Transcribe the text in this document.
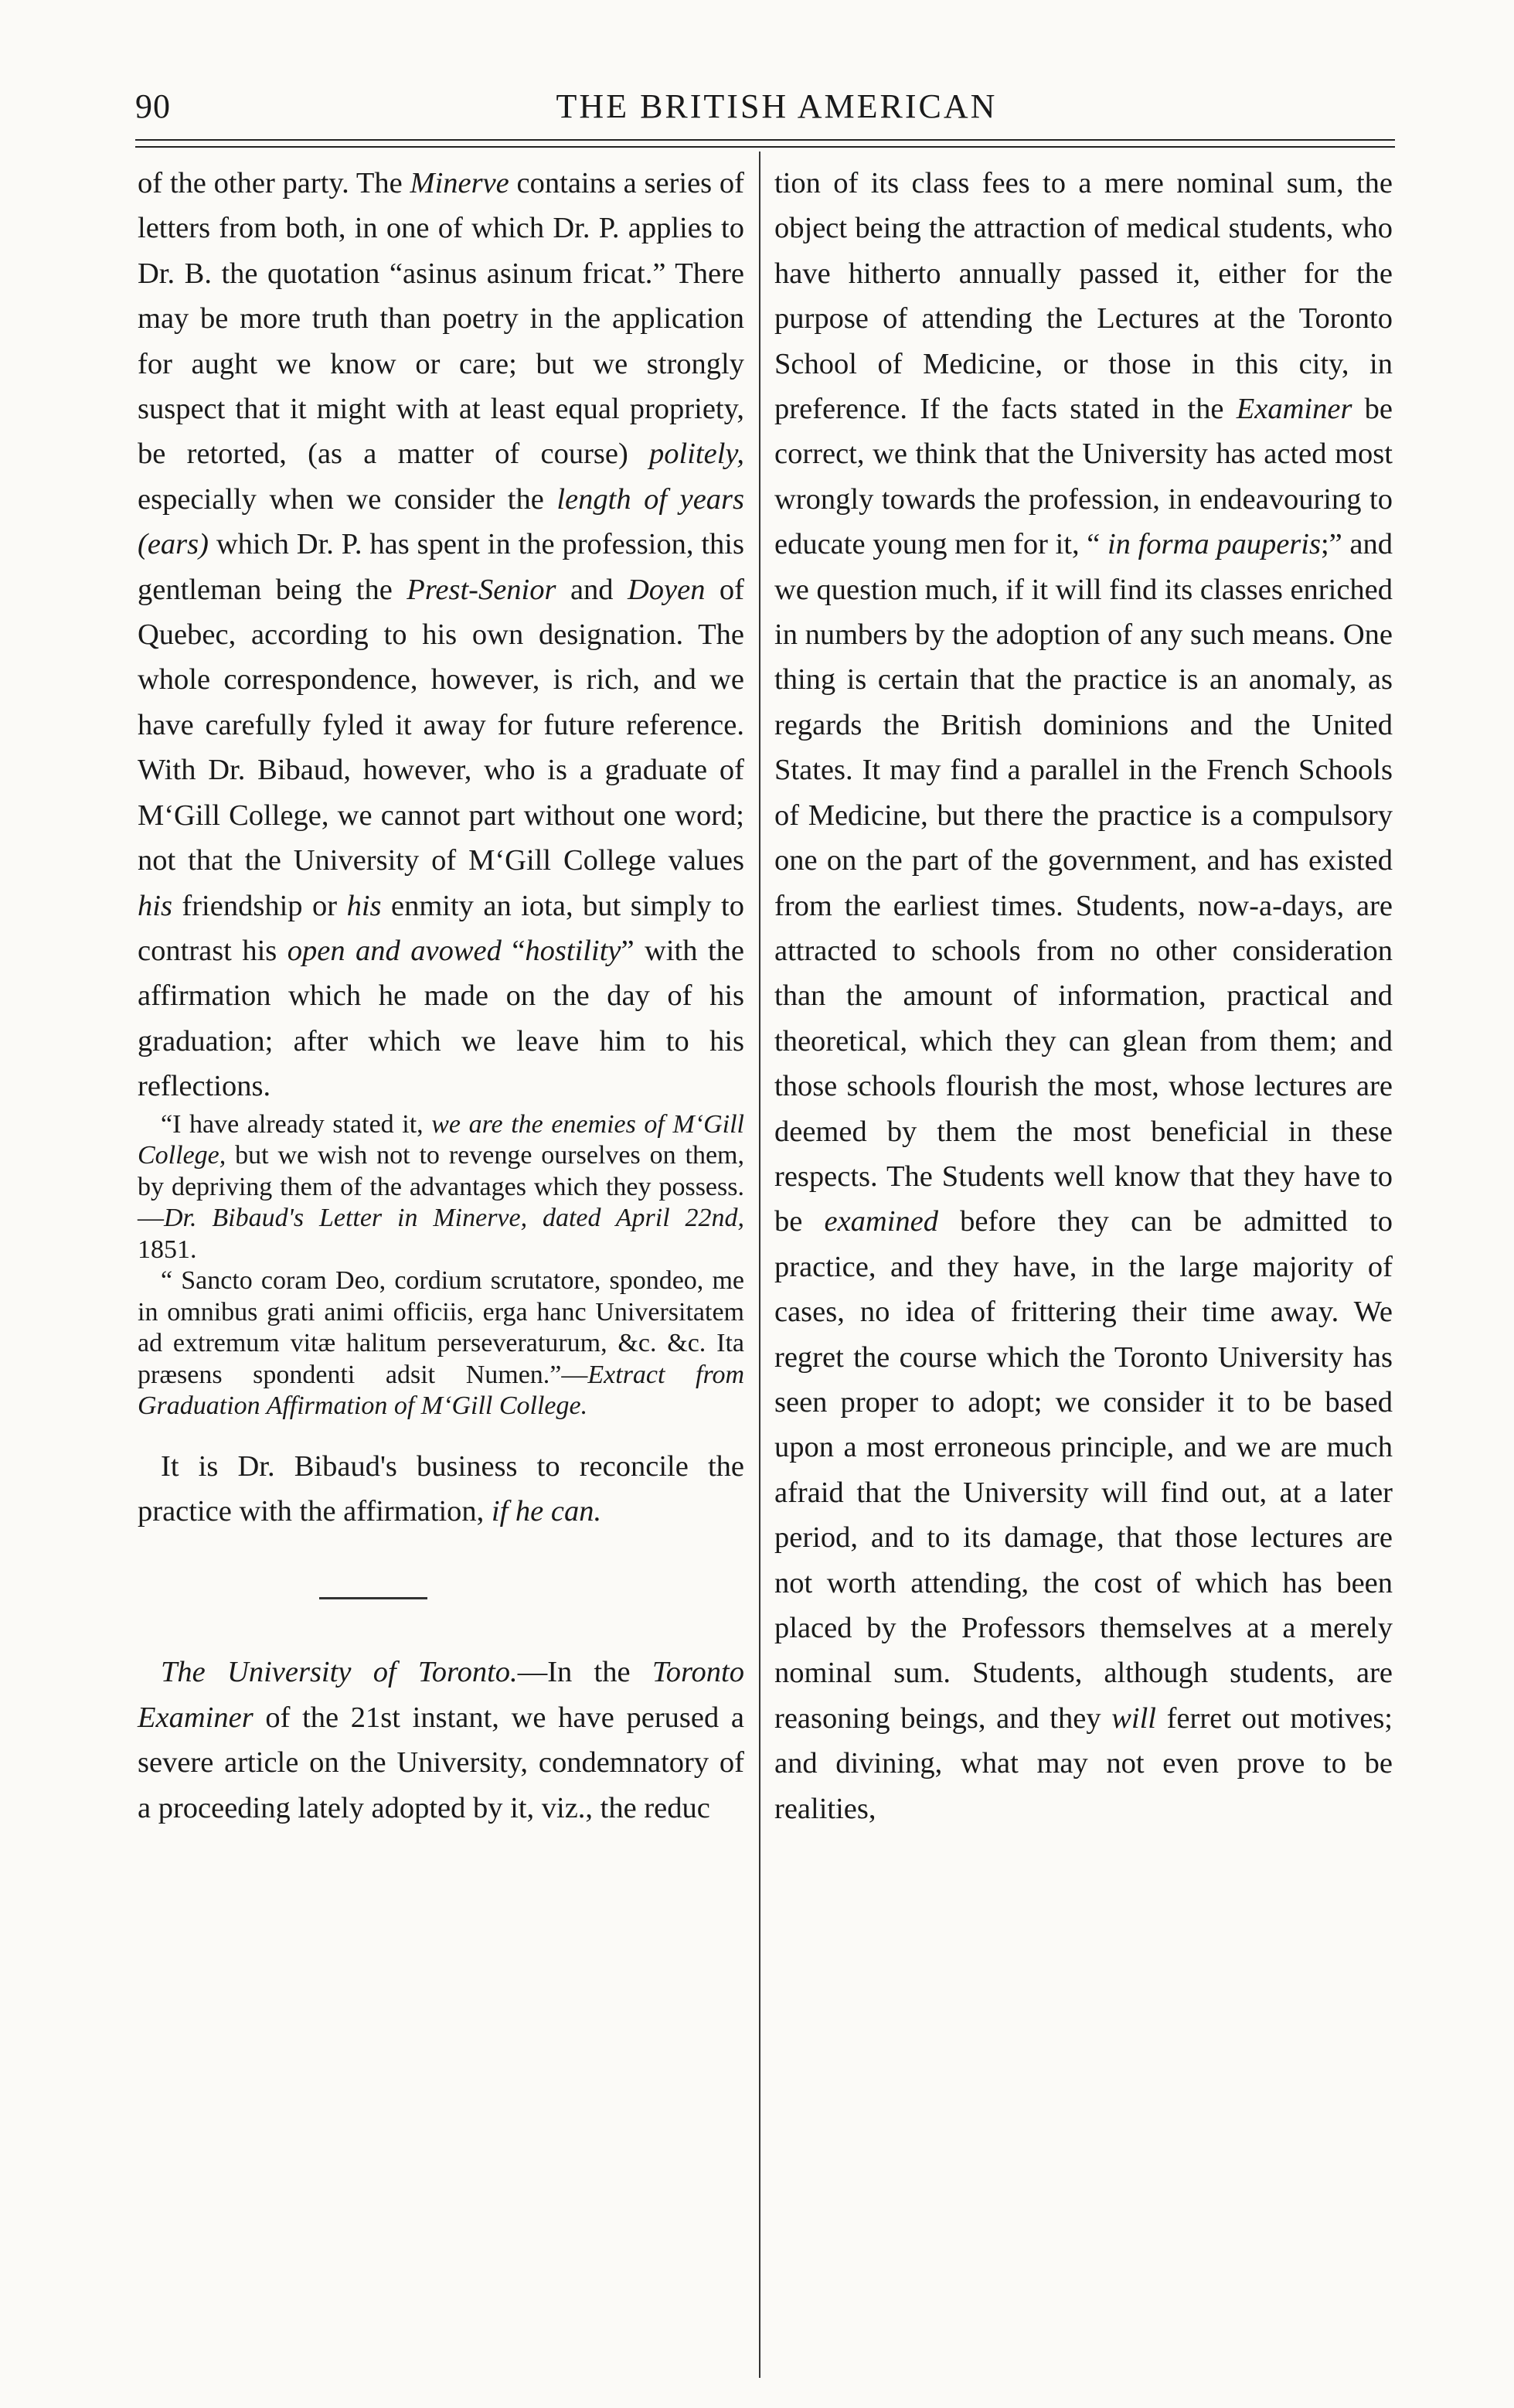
90	THE BRITISH AMERICAN

of the other party. The Minerve contains a series of letters from both, in one of which Dr. P. applies to Dr. B. the quotation “asinus asinum fricat.” There may be more truth than poetry in the application for aught we know or care; but we strongly suspect that it might with at least equal propriety, be retorted, (as a matter of course) politely, especially when we consider the length of years (ears) which Dr. P. has spent in the profession, this gentleman being the Prest-Senior and Doyen of Quebec, according to his own designation. The whole correspondence, however, is rich, and we have carefully fyled it away for future reference. With Dr. Bibaud, however, who is a graduate of M‘Gill College, we cannot part without one word; not that the University of M‘Gill College values his friendship or his enmity an iota, but simply to contrast his open and avowed “hostility” with the affirmation which he made on the day of his graduation; after which we leave him to his reflections.

“I have already stated it, we are the enemies of M‘Gill College, but we wish not to revenge ourselves on them, by depriving them of the advantages which they possess.—Dr. Bibaud's Letter in Minerve, dated April 22nd, 1851.

“ Sancto coram Deo, cordium scrutatore, spondeo, me in omnibus grati animi officiis, erga hanc Universitatem ad extremum vitæ halitum perseveraturum, &c. &c. Ita præsens spondenti adsit Numen.”—Extract from Graduation Affirmation of M‘Gill College.

It is Dr. Bibaud's business to reconcile the practice with the affirmation, if he can.

The University of Toronto.—In the Toronto Examiner of the 21st instant, we have perused a severe article on the University, condemnatory of a proceeding lately adopted by it, viz., the reduc

tion of its class fees to a mere nominal sum, the object being the attraction of medical students, who have hitherto annually passed it, either for the purpose of attending the Lectures at the Toronto School of Medicine, or those in this city, in preference. If the facts stated in the Examiner be correct, we think that the University has acted most wrongly towards the profession, in endeavouring to educate young men for it, “ in forma pauperis;” and we question much, if it will find its classes enriched in numbers by the adoption of any such means. One thing is certain that the practice is an anomaly, as regards the British dominions and the United States. It may find a parallel in the French Schools of Medicine, but there the practice is a compulsory one on the part of the government, and has existed from the earliest times. Students, now-a-days, are attracted to schools from no other consideration than the amount of information, practical and theoretical, which they can glean from them; and those schools flourish the most, whose lectures are deemed by them the most beneficial in these respects. The Students well know that they have to be examined before they can be admitted to practice, and they have, in the large majority of cases, no idea of frittering their time away. We regret the course which the Toronto University has seen proper to adopt; we consider it to be based upon a most erroneous principle, and we are much afraid that the University will find out, at a later period, and to its damage, that those lectures are not worth attending, the cost of which has been placed by the Professors themselves at a merely nominal sum. Students, although students, are reasoning beings, and they will ferret out motives; and divining, what may not even prove to be realities,
